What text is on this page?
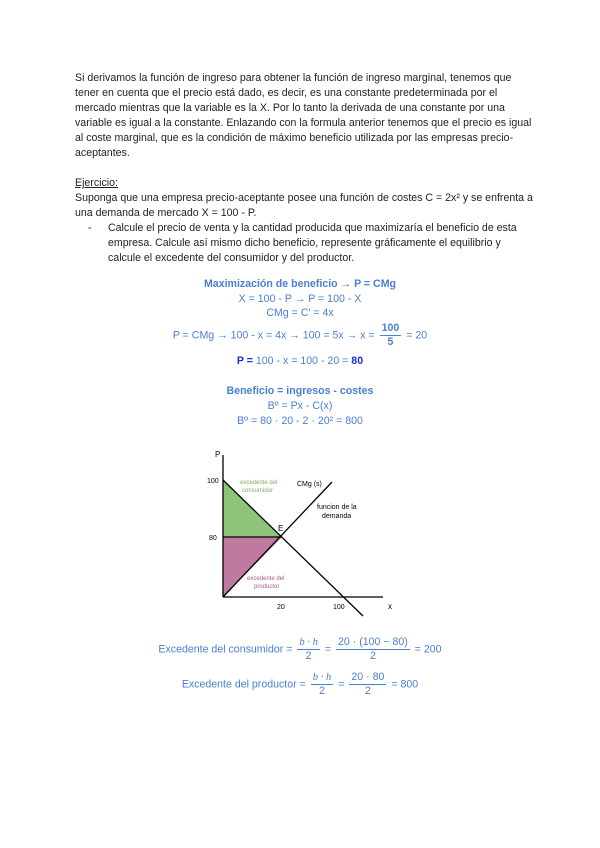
Si derivamos la función de ingreso para obtener la función de ingreso marginal, tenemos que tener en cuenta que el precio está dado, es decir, es una constante predeterminada por el mercado mientras que la variable es la X. Por lo tanto la derivada de una constante por una variable es igual a la constante. Enlazando con la formula anterior tenemos que el precio es igual al coste marginal, que es la condición de máximo beneficio utilizada por las empresas precio-aceptantes.
Ejercicio:
Suponga que una empresa precio-aceptante posee una función de costes C = 2x² y se enfrenta a una demanda de mercado X = 100 - P.
-	Calcule el precio de venta y la cantidad producida que maximizaría el beneficio de esta empresa. Calcule así mismo dicho beneficio, represente gráficamente el equilibrio y calcule el excedente del consumidor y del productor.
Maximización de beneficio → P = CMg
X = 100 - P → P = 100 - X
CMg = C' = 4x
P = CMg → $100 - x = 4x \to 100 = 5x \to x = \frac{100}{5} = 20$
P = 100 - x = 100 - 20 = 80
Beneficio = ingresos - costes
Bº = Px - C(x)
Bº = 80 · 20 - 2 · 20² = 800
P
x
100
80
20	100
CMg (s)
funcion de la
demanda
E
excedente del
consumidor
excedente del
productor
Excedente del consumidor = $\frac{b \cdot h}{2} = \frac{20 \cdot (100 - 80)}{2} = 200$
Excedente del productor = $\frac{b \cdot h}{2} = \frac{20 \cdot 80}{2} = 800$
